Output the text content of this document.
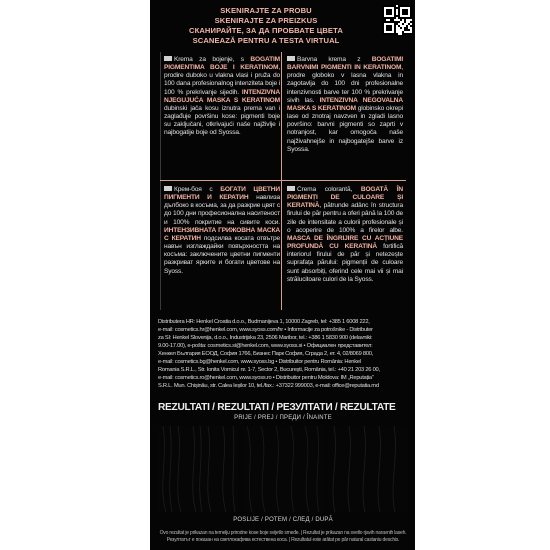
SKENIRAJTE ZA PROBU
SKENIRAJTE ZA PREIZKUS
СКАНИРАЙТЕ, ЗА ДА ПРОБВАТЕ ЦВЕТА
SCANEAZĂ PENTRU A TESTA VIRTUAL
Krema za bojenje, s BOGATIM PIGMENTIMA BOJE I KERATINOM, prodire duboko u vlakna vlasi i pruža do 100 dana profesionalnog intenziteta boje i 100 % prekrivanje sijedih. INTENZIVNA NJEGUJUĆA MASKA S KERATINOM dubinski jača kosu iznutra prema van i zaglađuje površinu kose: pigmenti boje su zaključani, otkrivajući naše najživlje i najbogatije boje od Syossa.
Barvna krema z BOGATIMI BARVNIMI PIGMENTI IN KERATINOM, prodre globoko v lasna vlakna in zagotavlja do 100 dni profesionalne intenzivnosti barve ter 100 % prekrivanje sivih las. INTENZIVNA NEGOVALNA MASKA S KERATINOM globinsko okrepi lase od znotraj navzven in zgladi lasno površino: barvni pigmenti so zaprti v notranjost, kar omogoča naše najživahnejše in najbogatejše barve iz Syossa.
Крем-боя с БОГАТИ ЦВЕТНИ ПИГМЕНТИ И КЕРАТИН навлиза дълбоко в косъма, за да разкрие цвят с до 100 дни професионална наситеност и 100% покритие на сивите коси. ИНТЕНЗИВНАТА ГРИЖОВНА МАСКА С КЕРАТИН подсилва косата отвътре навън изглаждайки повърхността на косъма: заключените цветни пигменти разкриват ярките и богати цветове на Syoss.
Crema colorantă, BOGATĂ ÎN PIGMENȚI DE CULOARE ȘI KERATINĂ, pătrunde adânc în structura firului de păr pentru a oferi până la 100 de zile de intensitate a culorii profesionale și o acoperire de 100% a firelor albe. MASCA DE ÎNGRIJIRE CU ACȚIUNE PROFUNDĂ CU KERATINĂ fortifică interiorul firului de păr și netezește suprafața părului: pigmenții de culoare sunt absorbiți, oferind cele mai vii și mai strălucitoare culori de la Syoss.
Distributera HR: Henkel Croatia d.o.o., Budmanijeva 1, 10000 Zagreb, tel: +385 1 6008 222,
e-mail: cosmetics.hr@henkel.com, www.syoss.com/hr • Informacije za potrošnike - Distributer
za SI: Henkel Slovenija, d.o.o., Industrijska 23, 2506 Maribor, tel.: +386 1 5830 900 (delavniki:
9.00-17.00), e-pošta: cosmetics.si@henkel.com, www.syoss.si • Официален представител:
Хенкел България ЕООД, София 1766, Бизнес Парк София, Сграда 2, ет. 4, 02/8069 800,
e-mail: cosmetics.bg@henkel.com, www.syoss.bg • Distribuitor pentru România: Henkel
Romania S.R.L., Str. Ionita Vornicul nr. 1-7, Sector 2, București, România, tel.: +40 21 203 26 00,
e-mail: cosmetics.ro@henkel.com, www.syoss.ro • Distribuitor pentru Moldova: IM „Reputația”
S.R.L. Mun. Chișinău, str. Calea Ieșilor 10, tel./fax.: +37322 999003, e-mail: office@reputatia.md
REZULTATI / REZULTATI / РЕЗУЛТАТИ / REZULTATE
PRIJE / PREJ / ПРЕДИ / ÎNAINTE
POSLIJE / POTEM / СЛЕД / DUPĂ
Ovo rezultat je prikazan na temelju prirodne kose boje svijetlo smeđe. | Rezultat je prikazan na svetlo rjavih naravnih laseh.
Резултатът е показан на светлокафява естествена коса. | Rezultatul este arătat pe păr natural castaniu deschis.
